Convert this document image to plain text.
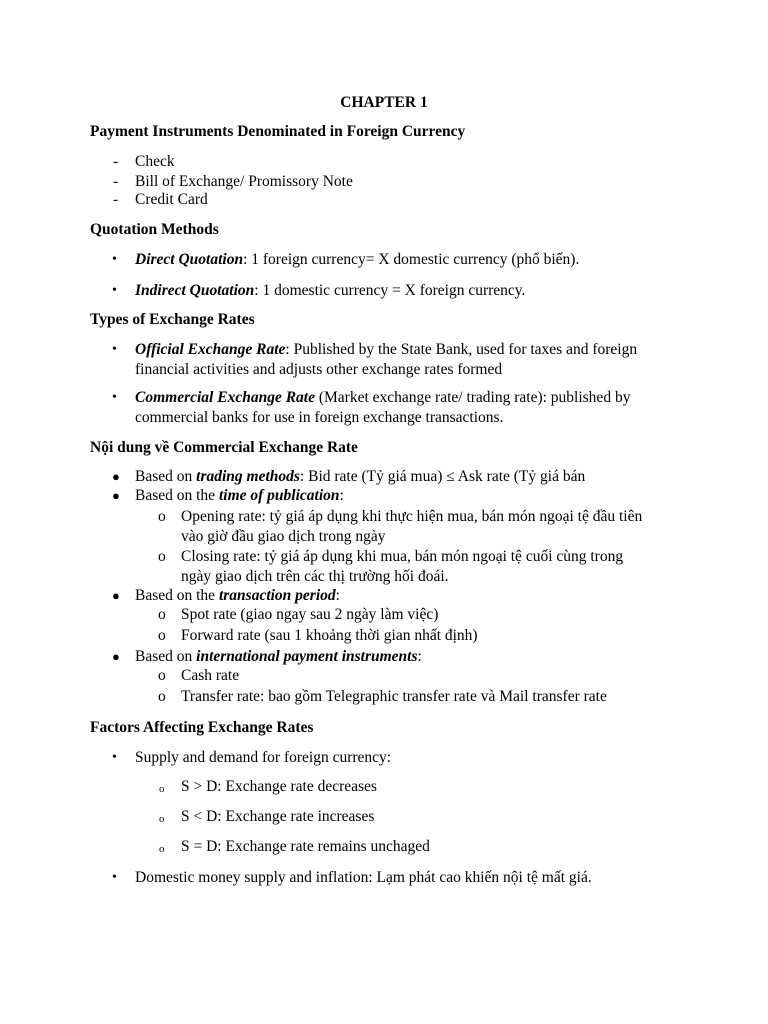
CHAPTER 1
Payment Instruments Denominated in Foreign Currency
-	Check
-	Bill of Exchange/ Promissory Note
-	Credit Card
Quotation Methods
• Direct Quotation: 1 foreign currency= X domestic currency (phổ biến).
• Indirect Quotation: 1 domestic currency = X foreign currency.
Types of Exchange Rates
• Official Exchange Rate: Published by the State Bank, used for taxes and foreign
financial activities and adjusts other exchange rates formed
• Commercial Exchange Rate (Market exchange rate/ trading rate): published by
commercial banks for use in foreign exchange transactions.
Nội dung về Commercial Exchange Rate
● Based on trading methods: Bid rate (Tỷ giá mua) ≤ Ask rate (Tỷ giá bán
● Based on the time of publication:
o Opening rate: tỷ giá áp dụng khi thực hiện mua, bán món ngoại tệ đầu tiên
vào giờ đầu giao dịch trong ngày
o Closing rate: tỷ giá áp dụng khi mua, bán món ngoại tệ cuối cùng trong
ngày giao dịch trên các thị trường hối đoái.
● Based on the transaction period:
o Spot rate (giao ngay sau 2 ngày làm việc)
o Forward rate (sau 1 khoảng thời gian nhất định)
● Based on international payment instruments:
o Cash rate
o Transfer rate: bao gồm Telegraphic transfer rate và Mail transfer rate
Factors Affecting Exchange Rates
• Supply and demand for foreign currency:
o S > D: Exchange rate decreases
o S < D: Exchange rate increases
o S = D: Exchange rate remains unchaged
• Domestic money supply and inflation: Lạm phát cao khiến nội tệ mất giá.
